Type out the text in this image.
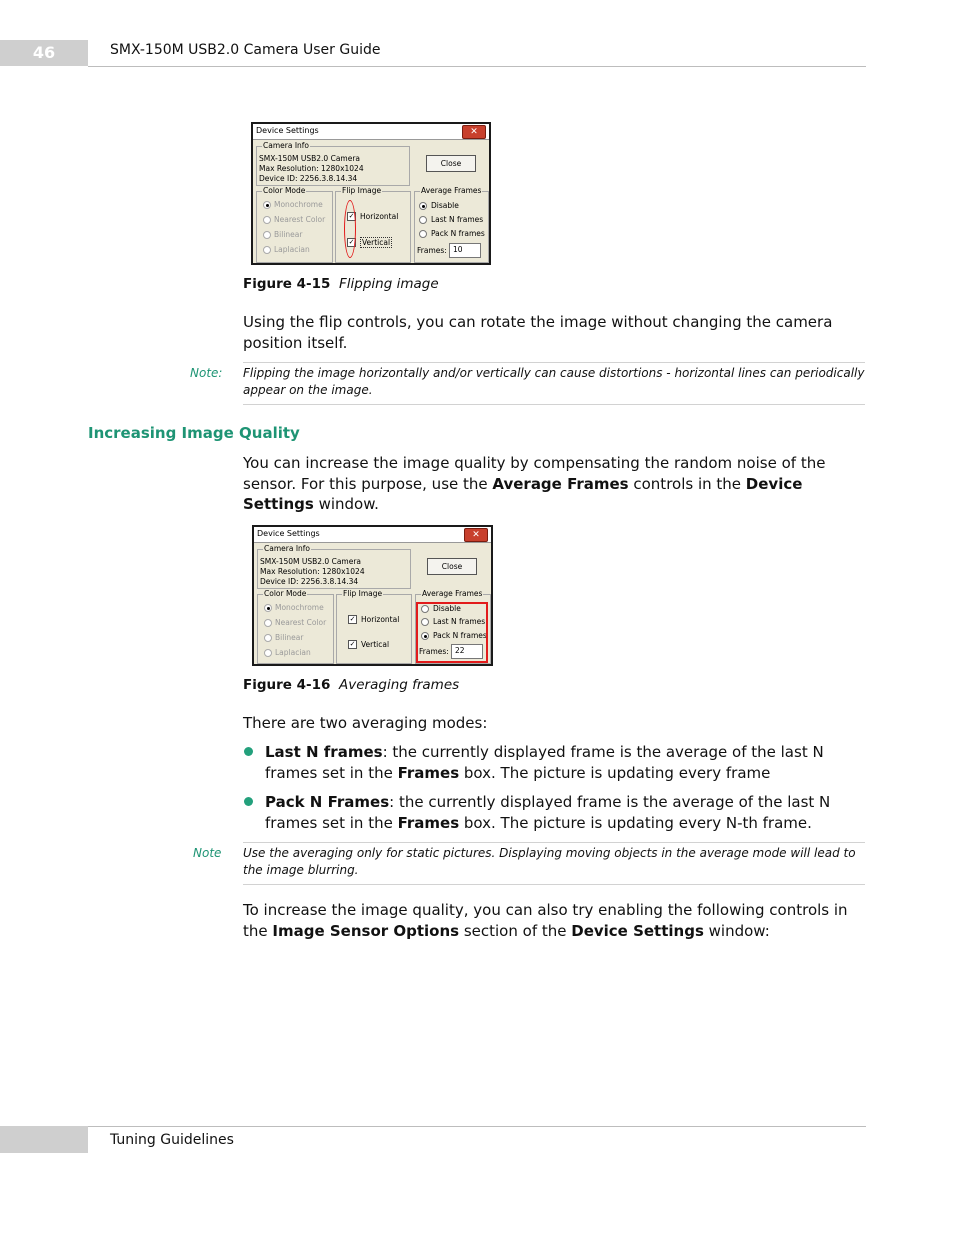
46	SMX-150M USB2.0 Camera User Guide
Device Settings	✕
Camera Info
SMX-150M USB2.0 Camera
Max Resolution: 1280x1024
Device ID: 2256.3.8.14.34
Close
Color Mode
Monochrome
Nearest Color
Bilinear
Laplacian
Flip Image
✓ Horizontal
✓ Vertical
Average Frames
Disable
Last N frames
Pack N frames
Frames: 10
Figure 4-15 Flipping image
Using the flip controls, you can rotate the image without changing the camera position itself.
Note: Flipping the image horizontally and/or vertically can cause distortions - horizontal lines can periodically appear on the image.
Increasing Image Quality
You can increase the image quality by compensating the random noise of the sensor. For this purpose, use the Average Frames controls in the Device Settings window.
Device Settings	✕
Camera Info
SMX-150M USB2.0 Camera
Max Resolution: 1280x1024
Device ID: 2256.3.8.14.34
Close
Color Mode
Monochrome
Nearest Color
Bilinear
Laplacian
Flip Image
✓ Horizontal
✓ Vertical
Average Frames
Disable
Last N frames
Pack N frames
Frames: 22
Figure 4-16 Averaging frames
There are two averaging modes:
Last N frames: the currently displayed frame is the average of the last N frames set in the Frames box. The picture is updating every frame
Pack N Frames: the currently displayed frame is the average of the last N frames set in the Frames box. The picture is updating every N-th frame.
Note Use the averaging only for static pictures. Displaying moving objects in the average mode will lead to the image blurring.
To increase the image quality, you can also try enabling the following controls in the Image Sensor Options section of the Device Settings window:
Tuning Guidelines
